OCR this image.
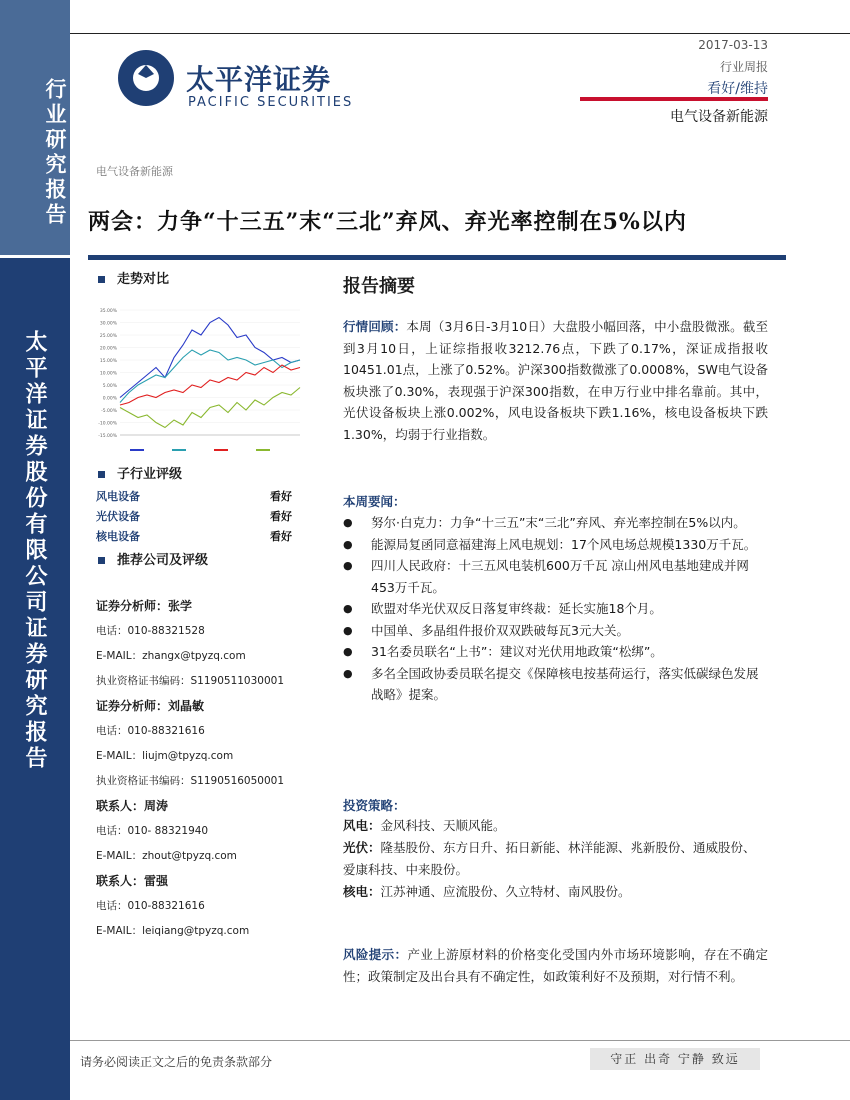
行业研究报告
太平洋证券股份有限公司证券研究报告
太平洋证券
PACIFIC SECURITIES
2017-03-13
行业周报
看好/维持
电气设备新能源
电气设备新能源
两会：力争“十三五”末“三北”弃风、弃光率控制在5%以内
走势对比
35.00%
30.00%
25.00%
20.00%
15.00%
10.00%
5.00%
0.00%
-5.00%
-10.00%
-15.00%
子行业评级
风电设备	看好
光伏设备	看好
核电设备	看好
推荐公司及评级
证券分析师：张学
电话：010-88321528
E-MAIL：zhangx@tpyzq.com
执业资格证书编码：S1190511030001
证券分析师：刘晶敏
电话：010-88321616
E-MAIL：liujm@tpyzq.com
执业资格证书编码：S1190516050001
联系人：周涛
电话：010- 88321940
E-MAIL：zhout@tpyzq.com
联系人：雷强
电话：010-88321616
E-MAIL：leiqiang@tpyzq.com
报告摘要
行情回顾：本周（3月6日-3月10日）大盘股小幅回落，中小盘股微涨。截至到3月10日，上证综指报收3212.76点，下跌了0.17%，深证成指报收10451.01点，上涨了0.52%。沪深300指数微涨了0.0008%，SW电气设备板块涨了0.30%，表现强于沪深300指数，在申万行业中排名靠前。其中，光伏设备板块上涨0.002%，风电设备板块下跌1.16%，核电设备板块下跌1.30%，均弱于行业指数。
本周要闻：
● 努尔·白克力：力争“十三五”末“三北”弃风、弃光率控制在5%以内。
● 能源局复函同意福建海上风电规划：17个风电场总规模1330万千瓦。
● 四川人民政府：十三五风电装机600万千瓦 凉山州风电基地建成并网453万千瓦。
● 欧盟对华光伏双反日落复审终裁：延长实施18个月。
● 中国单、多晶组件报价双双跌破每瓦3元大关。
● 31名委员联名“上书”：建议对光伏用地政策“松绑”。
● 多名全国政协委员联名提交《保障核电按基荷运行，落实低碳绿色发展战略》提案。
投资策略：
风电：金风科技、天顺风能。
光伏：隆基股份、东方日升、拓日新能、林洋能源、兆新股份、通威股份、爱康科技、中来股份。
核电：江苏神通、应流股份、久立特材、南风股份。
风险提示：产业上游原材料的价格变化受国内外市场环境影响，存在不确定性；政策制定及出台具有不确定性，如政策利好不及预期，对行情不利。
请务必阅读正文之后的免责条款部分	守正 出奇 宁静 致远
